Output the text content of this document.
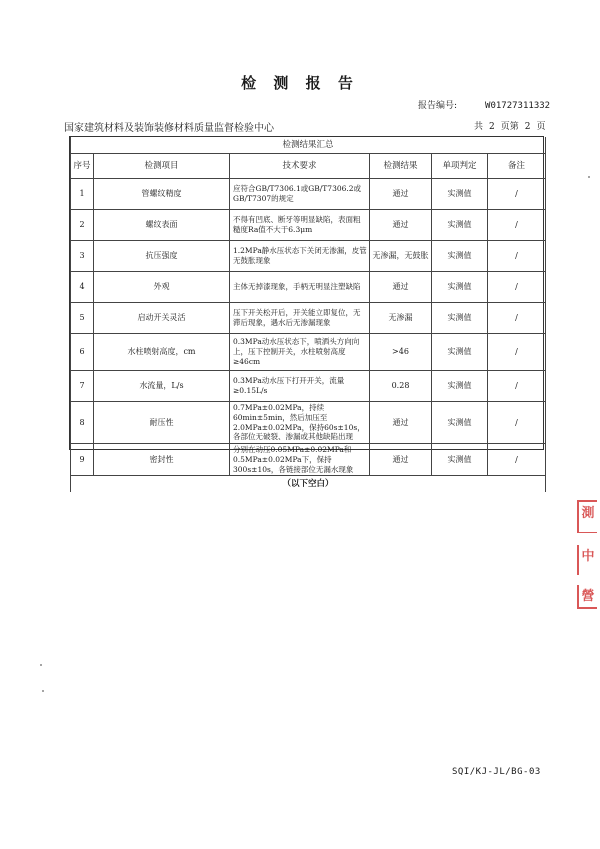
检 测 报 告
报告编号:	W01727311332
国家建筑材料及装饰装修材料质量监督检验中心	共 2 页第 2 页
检测结果汇总					
序号	检测项目	技术要求	检测结果	单项判定	备注
1	管螺纹精度	应符合GB/T7306.1或GB/T7306.2或GB/T7307的规定	通过	实测值	/
2	螺纹表面	不得有凹底、断牙等明显缺陷，表面粗糙度Ra值不大于6.3μm	通过	实测值	/
3	抗压强度	1.2MPa静水压状态下关闭无渗漏，皮管无鼓胀现象	无渗漏，无鼓胀	实测值	/
4	外观	主体无掉漆现象，手柄无明显注塑缺陷	通过	实测值	/
5	启动开关灵活	压下开关松开后，开关能立即复位，无滞后现象，遇水后无渗漏现象	无渗漏	实测值	/
6	水柱喷射高度，cm	0.3MPa动水压状态下，喷洒头方向向上，压下控制开关，水柱喷射高度≥46cm	>46	实测值	/
7	水流量，L/s	0.3MPa动水压下打开开关，流量≥0.15L/s	0.28	实测值	/
8	耐压性	0.7MPa±0.02MPa，持续60min±5min，然后加压至2.0MPa±0.02MPa，保持60s±10s，各部位无破裂、渗漏或其他缺陷出现	通过	实测值	/
9	密封性	分别在动压0.05MPa±0.02MPa和0.5MPa±0.02MPa下，保持300s±10s，各链接部位无漏水现象	通过	实测值	/
（以下空白）					
測
中
營
SQI/KJ-JL/BG-03
